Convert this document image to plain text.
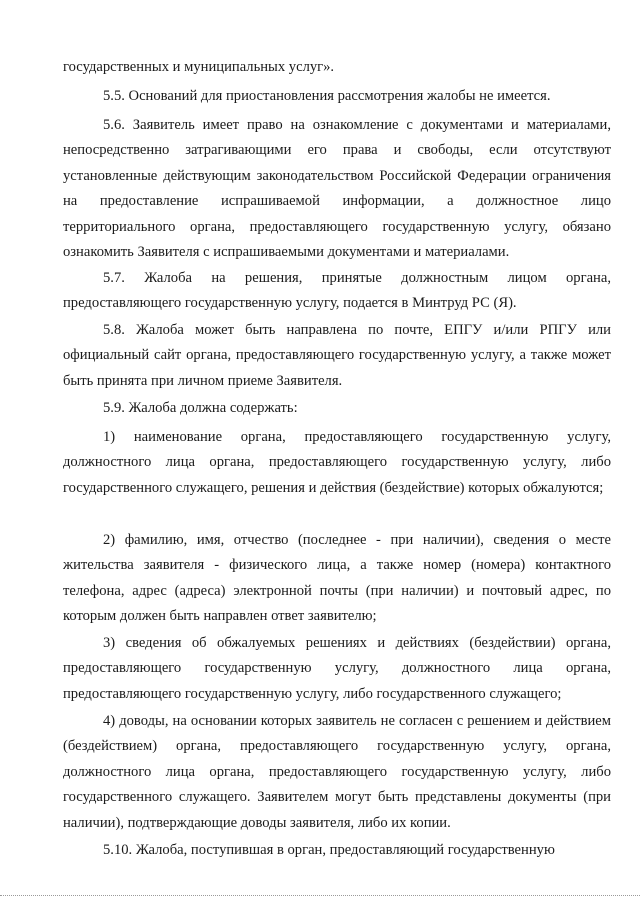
государственных и муниципальных услуг».

5.5. Оснований для приостановления рассмотрения жалобы не имеется.

5.6. Заявитель имеет право на ознакомление с документами и материалами, непосредственно затрагивающими его права и свободы, если отсутствуют установленные действующим законодательством Российской Федерации ограничения на предоставление испрашиваемой информации, а должностное лицо территориального органа, предоставляющего государственную услугу, обязано ознакомить Заявителя с испрашиваемыми документами и материалами.

5.7. Жалоба на решения, принятые должностным лицом органа, предоставляющего государственную услугу, подается в Минтруд РС (Я).

5.8. Жалоба может быть направлена по почте, ЕПГУ и/или РПГУ или официальный сайт органа, предоставляющего государственную услугу, а также может быть принята при личном приеме Заявителя.

5.9. Жалоба должна содержать:

1) наименование органа, предоставляющего государственную услугу, должностного лица органа, предоставляющего государственную услугу, либо государственного служащего, решения и действия (бездействие) которых обжалуются;

2) фамилию, имя, отчество (последнее - при наличии), сведения о месте жительства заявителя - физического лица, а также номер (номера) контактного телефона, адрес (адреса) электронной почты (при наличии) и почтовый адрес, по которым должен быть направлен ответ заявителю;

3) сведения об обжалуемых решениях и действиях (бездействии) органа, предоставляющего государственную услугу, должностного лица органа, предоставляющего государственную услугу, либо государственного служащего;

4) доводы, на основании которых заявитель не согласен с решением и действием (бездействием) органа, предоставляющего государственную услугу, органа, должностного лица органа, предоставляющего государственную услугу, либо государственного служащего. Заявителем могут быть представлены документы (при наличии), подтверждающие доводы заявителя, либо их копии.

5.10. Жалоба, поступившая в орган, предоставляющий государственную
